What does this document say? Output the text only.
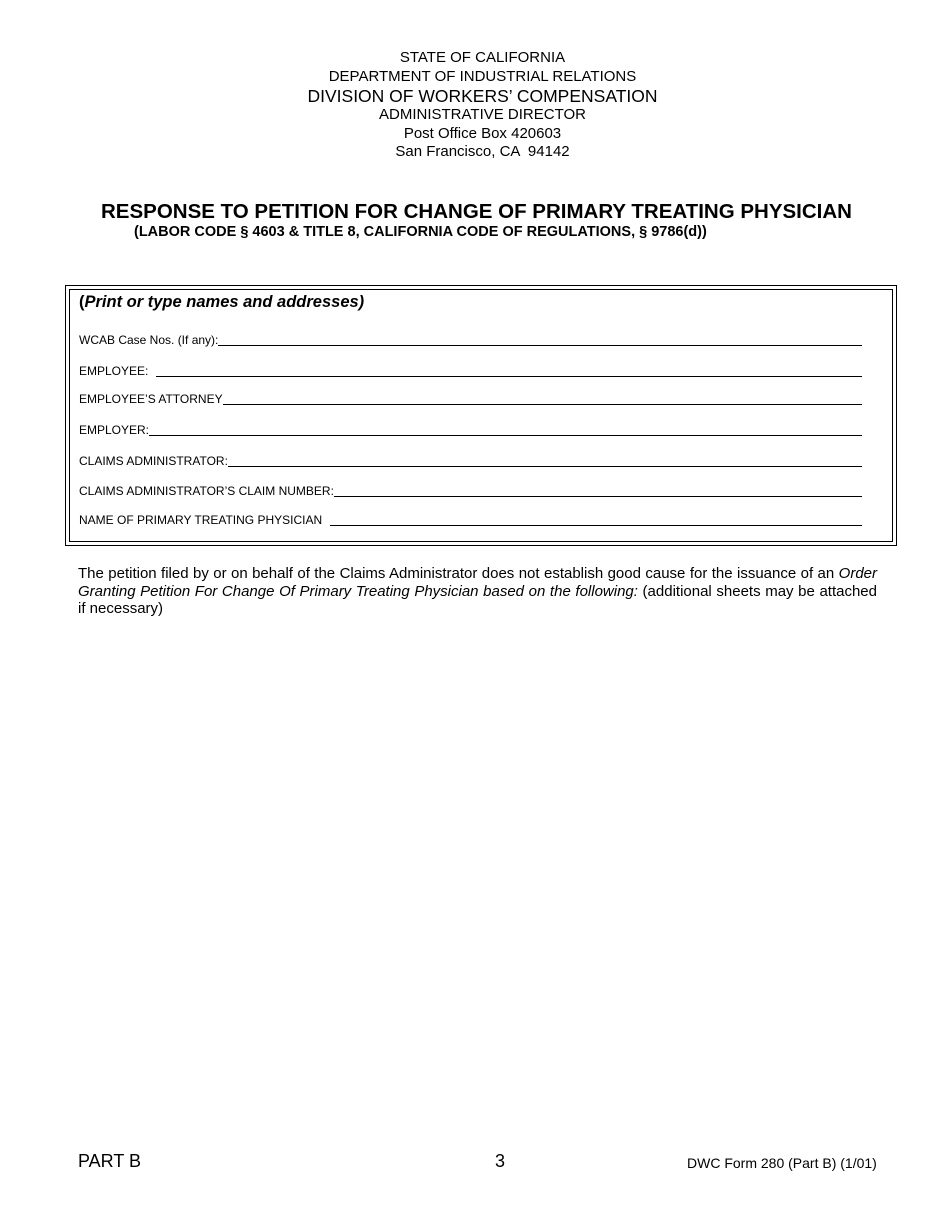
STATE OF CALIFORNIA
DEPARTMENT OF INDUSTRIAL RELATIONS
DIVISION OF WORKERS’ COMPENSATION
ADMINISTRATIVE DIRECTOR
Post Office Box 420603
San Francisco, CA  94142
RESPONSE TO PETITION FOR CHANGE OF PRIMARY TREATING PHYSICIAN
(LABOR CODE § 4603 & TITLE 8, CALIFORNIA CODE OF REGULATIONS, § 9786(d))
(Print or type names and addresses)
WCAB Case Nos. (If any):
EMPLOYEE:
EMPLOYEE’S ATTORNEY
EMPLOYER:
CLAIMS ADMINISTRATOR:
CLAIMS ADMINISTRATOR’S CLAIM NUMBER:
NAME OF PRIMARY TREATING PHYSICIAN
The petition filed by or on behalf of the Claims Administrator does not establish good cause for the issuance of an Order Granting Petition For Change Of Primary Treating Physician based on the following: (additional sheets may be attached if necessary)
PART B	3	DWC Form 280 (Part B) (1/01)
